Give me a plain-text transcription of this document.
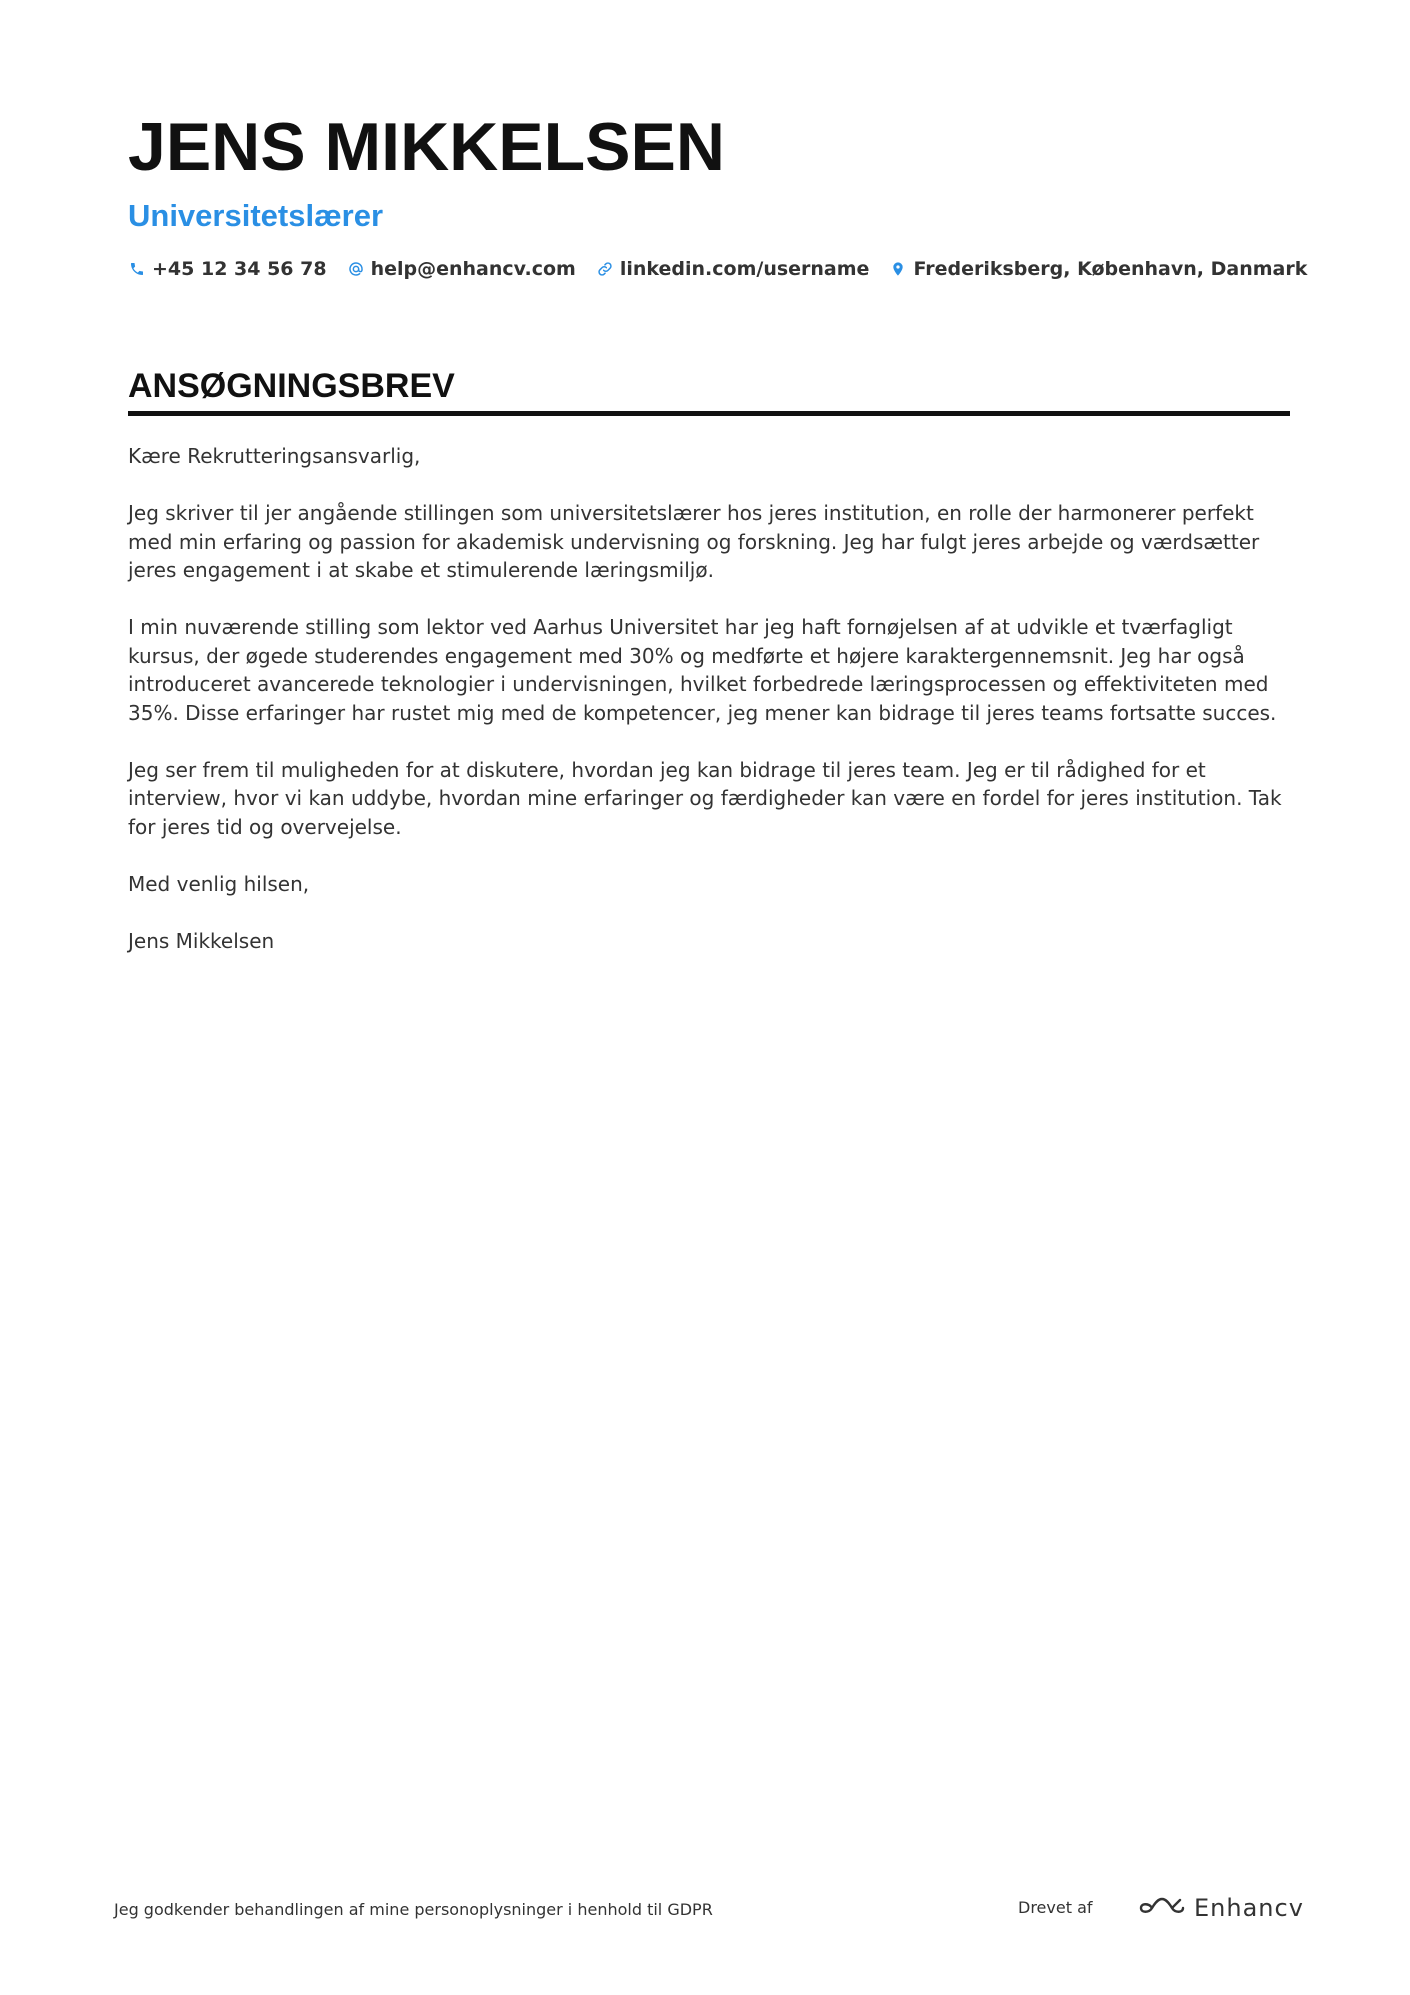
JENS MIKKELSEN
Universitetslærer
+45 12 34 56 78 help@enhancv.com linkedin.com/username Frederiksberg, København, Danmark
ANSØGNINGSBREV

Kære Rekrutteringsansvarlig,

Jeg skriver til jer angående stillingen som universitetslærer hos jeres institution, en rolle der harmonerer perfekt med min erfaring og passion for akademisk undervisning og forskning. Jeg har fulgt jeres arbejde og værdsætter jeres engagement i at skabe et stimulerende læringsmiljø.

I min nuværende stilling som lektor ved Aarhus Universitet har jeg haft fornøjelsen af at udvikle et tværfagligt kursus, der øgede studerendes engagement med 30% og medførte et højere karaktergennemsnit. Jeg har også introduceret avancerede teknologier i undervisningen, hvilket forbedrede læringsprocessen og effektiviteten med 35%. Disse erfaringer har rustet mig med de kompetencer, jeg mener kan bidrage til jeres teams fortsatte succes.

Jeg ser frem til muligheden for at diskutere, hvordan jeg kan bidrage til jeres team. Jeg er til rådighed for et interview, hvor vi kan uddybe, hvordan mine erfaringer og færdigheder kan være en fordel for jeres institution. Tak for jeres tid og overvejelse.

Med venlig hilsen,

Jens Mikkelsen

Jeg godkender behandlingen af mine personoplysninger i henhold til GDPR	Drevet af	Enhancv
